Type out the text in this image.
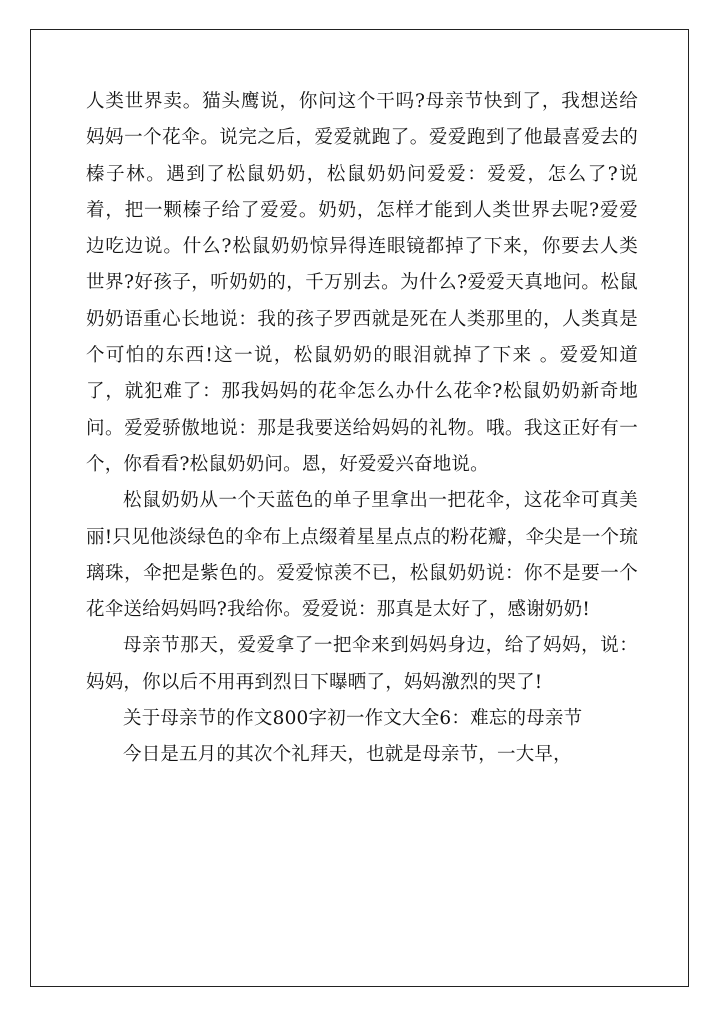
人类世界卖。猫头鹰说，你问这个干吗?母亲节快到了，我想送给妈妈一个花伞。说完之后，爱爱就跑了。爱爱跑到了他最喜爱去的榛子林。遇到了松鼠奶奶，松鼠奶奶问爱爱：爱爱，怎么了?说着，把一颗榛子给了爱爱。奶奶，怎样才能到人类世界去呢?爱爱边吃边说。什么?松鼠奶奶惊异得连眼镜都掉了下来，你要去人类世界?好孩子，听奶奶的，千万别去。为什么?爱爱天真地问。松鼠奶奶语重心长地说：我的孩子罗西就是死在人类那里的，人类真是个可怕的东西!这一说，松鼠奶奶的眼泪就掉了下来 。爱爱知道了，就犯难了：那我妈妈的花伞怎么办什么花伞?松鼠奶奶新奇地问。爱爱骄傲地说：那是我要送给妈妈的礼物。哦。我这正好有一个，你看看?松鼠奶奶问。恩，好爱爱兴奋地说。

松鼠奶奶从一个天蓝色的单子里拿出一把花伞，这花伞可真美丽!只见他淡绿色的伞布上点缀着星星点点的粉花瓣，伞尖是一个琉璃珠，伞把是紫色的。爱爱惊羡不已，松鼠奶奶说：你不是要一个花伞送给妈妈吗?我给你。爱爱说：那真是太好了，感谢奶奶!

母亲节那天，爱爱拿了一把伞来到妈妈身边，给了妈妈，说：妈妈，你以后不用再到烈日下曝晒了，妈妈激烈的哭了!

关于母亲节的作文800字初一作文大全6：难忘的母亲节

今日是五月的其次个礼拜天，也就是母亲节，一大早，
